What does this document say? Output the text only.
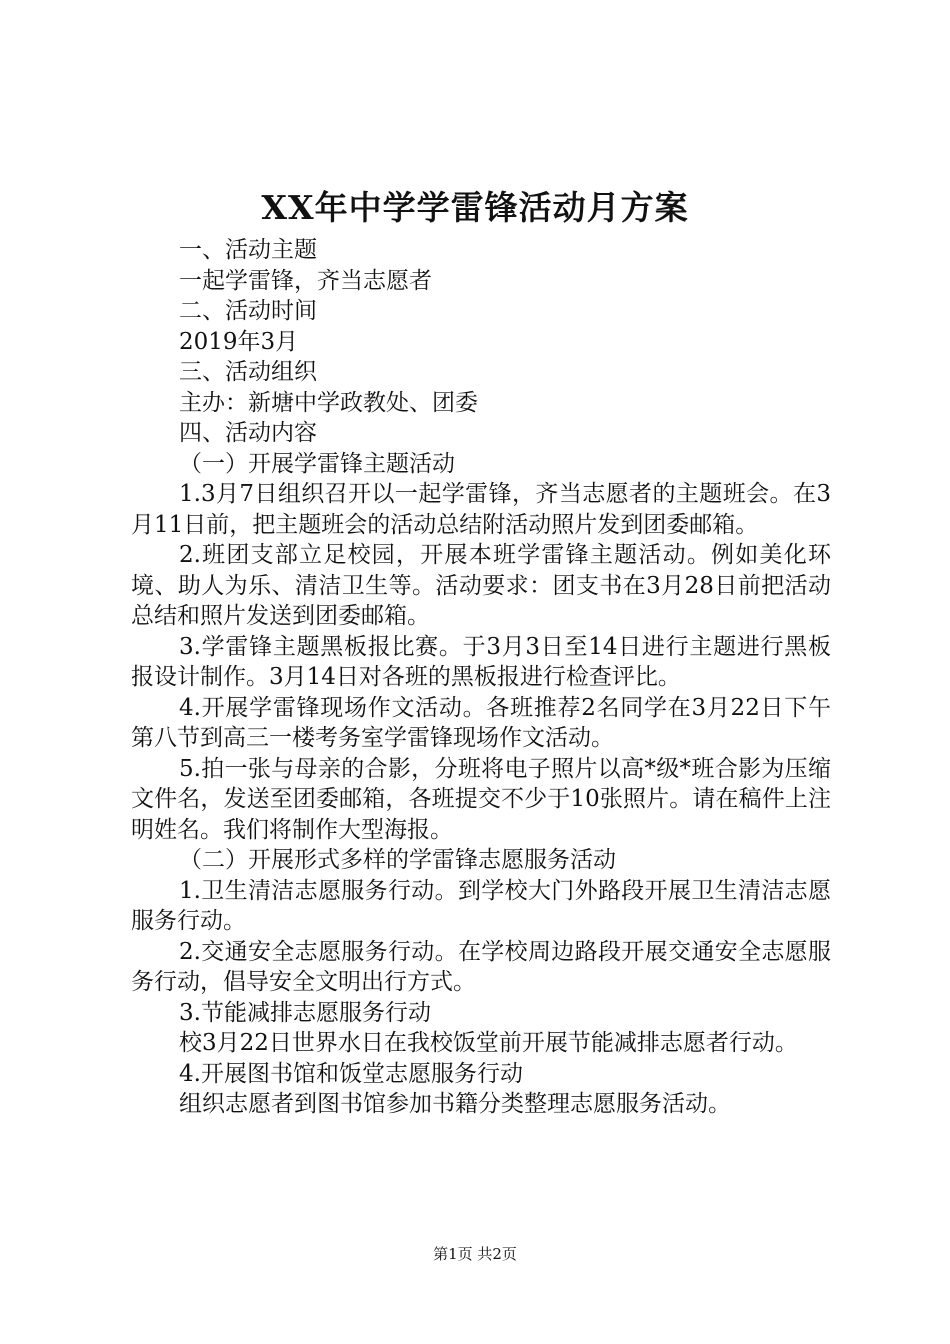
XX年中学学雷锋活动月方案

一、活动主题

一起学雷锋，齐当志愿者

二、活动时间

2019年3月

三、活动组织

主办：新塘中学政教处、团委

四、活动内容

（一）开展学雷锋主题活动

1.3月7日组织召开以一起学雷锋，齐当志愿者的主题班会。在3月11日前，把主题班会的活动总结附活动照片发到团委邮箱。

2.班团支部立足校园，开展本班学雷锋主题活动。例如美化环境、助人为乐、清洁卫生等。活动要求：团支书在3月28日前把活动总结和照片发送到团委邮箱。

3.学雷锋主题黑板报比赛。于3月3日至14日进行主题进行黑板报设计制作。3月14日对各班的黑板报进行检查评比。

4.开展学雷锋现场作文活动。各班推荐2名同学在3月22日下午第八节到高三一楼考务室学雷锋现场作文活动。

5.拍一张与母亲的合影，分班将电子照片以高*级*班合影为压缩文件名，发送至团委邮箱，各班提交不少于10张照片。请在稿件上注明姓名。我们将制作大型海报。

（二）开展形式多样的学雷锋志愿服务活动

1.卫生清洁志愿服务行动。到学校大门外路段开展卫生清洁志愿服务行动。

2.交通安全志愿服务行动。在学校周边路段开展交通安全志愿服务行动，倡导安全文明出行方式。

3.节能减排志愿服务行动

校3月22日世界水日在我校饭堂前开展节能减排志愿者行动。

4.开展图书馆和饭堂志愿服务行动

组织志愿者到图书馆参加书籍分类整理志愿服务活动。

第1页 共2页
